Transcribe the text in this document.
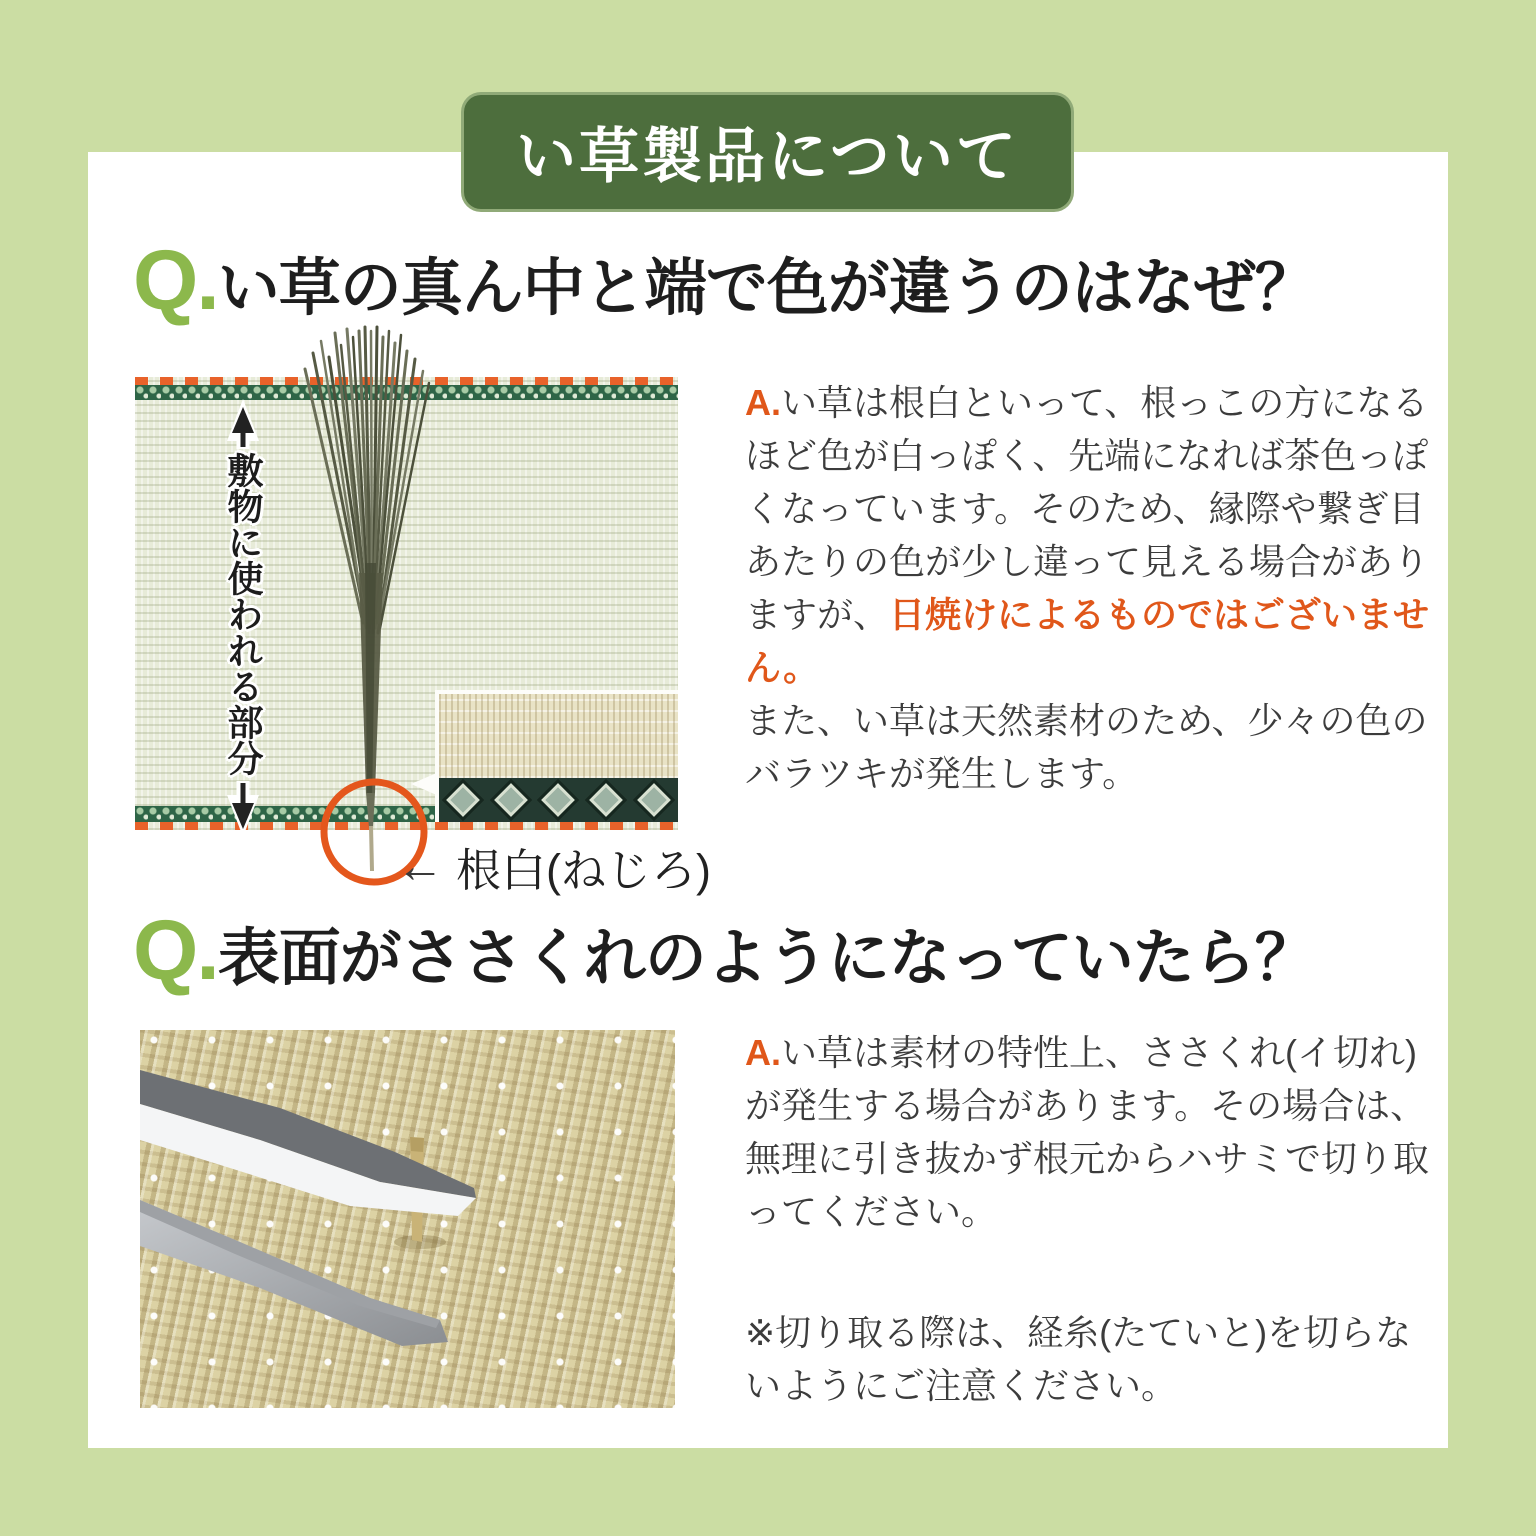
い草製品について
Q. い草の真ん中と端で色が違うのはなぜ？
敷物に使われる部分
← 根白(ねじろ)

A.い草は根白といって、根っこの方になるほど色が白っぽく、先端になれば茶色っぽくなっています。そのため、縁際や繋ぎ目あたりの色が少し違って見える場合がありますが、日焼けによるものではございません。

また、い草は天然素材のため、少々の色のバラツキが発生します。

Q. 表面がささくれのようになっていたら？

A.い草は素材の特性上、ささくれ(イ切れ)が発生する場合があります。その場合は、無理に引き抜かず根元からハサミで切り取ってください。

※切り取る際は、経糸(たていと)を切らないようにご注意ください。
